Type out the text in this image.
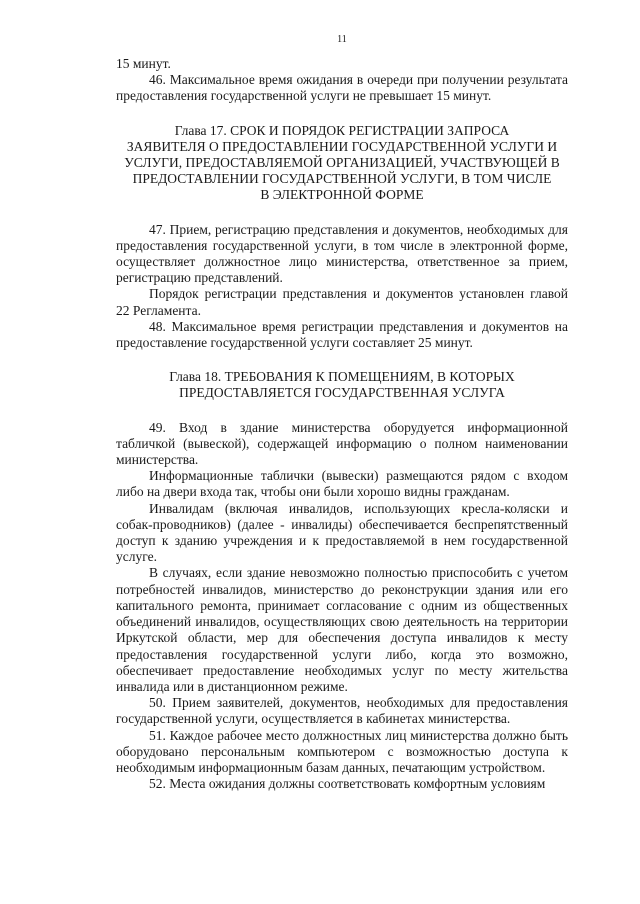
11

15 минут.

46. Максимальное время ожидания в очереди при получении результата предоставления государственной услуги не превышает 15 минут.

Глава 17. СРОК И ПОРЯДОК РЕГИСТРАЦИИ ЗАПРОСА
ЗАЯВИТЕЛЯ О ПРЕДОСТАВЛЕНИИ ГОСУДАРСТВЕННОЙ УСЛУГИ И
УСЛУГИ, ПРЕДОСТАВЛЯЕМОЙ ОРГАНИЗАЦИЕЙ, УЧАСТВУЮЩЕЙ В
ПРЕДОСТАВЛЕНИИ ГОСУДАРСТВЕННОЙ УСЛУГИ, В ТОМ ЧИСЛЕ
В ЭЛЕКТРОННОЙ ФОРМЕ

47. Прием, регистрацию представления и документов, необходимых для предоставления государственной услуги, в том числе в электронной форме, осуществляет должностное лицо министерства, ответственное за прием, регистрацию представлений.

Порядок регистрации представления и документов установлен главой 22 Регламента.

48. Максимальное время регистрации представления и документов на предоставление государственной услуги составляет 25 минут.

Глава 18. ТРЕБОВАНИЯ К ПОМЕЩЕНИЯМ, В КОТОРЫХ
ПРЕДОСТАВЛЯЕТСЯ ГОСУДАРСТВЕННАЯ УСЛУГА

49. Вход в здание министерства оборудуется информационной табличкой (вывеской), содержащей информацию о полном наименовании министерства.

Информационные таблички (вывески) размещаются рядом с входом либо на двери входа так, чтобы они были хорошо видны гражданам.

Инвалидам (включая инвалидов, использующих кресла-коляски и собак-проводников) (далее - инвалиды) обеспечивается беспрепятственный доступ к зданию учреждения и к предоставляемой в нем государственной услуге.

В случаях, если здание невозможно полностью приспособить с учетом потребностей инвалидов, министерство до реконструкции здания или его капитального ремонта, принимает согласование с одним из общественных объединений инвалидов, осуществляющих свою деятельность на территории Иркутской области, мер для обеспечения доступа инвалидов к месту предоставления государственной услуги либо, когда это возможно, обеспечивает предоставление необходимых услуг по месту жительства инвалида или в дистанционном режиме.

50. Прием заявителей, документов, необходимых для предоставления государственной услуги, осуществляется в кабинетах министерства.

51. Каждое рабочее место должностных лиц министерства должно быть оборудовано персональным компьютером с возможностью доступа к необходимым информационным базам данных, печатающим устройством.

52. Места ожидания должны соответствовать комфортным условиям
